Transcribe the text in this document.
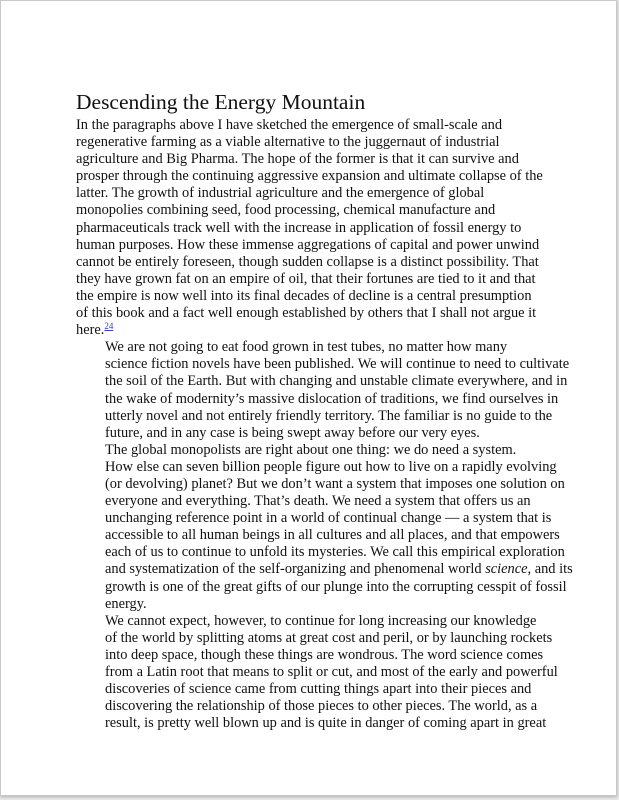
Descending the Energy Mountain

In the paragraphs above I have sketched the emergence of small-scale and
regenerative farming as a viable alternative to the juggernaut of industrial
agriculture and Big Pharma. The hope of the former is that it can survive and
prosper through the continuing aggressive expansion and ultimate collapse of the
latter. The growth of industrial agriculture and the emergence of global
monopolies combining seed, food processing, chemical manufacture and
pharmaceuticals track well with the increase in application of fossil energy to
human purposes. How these immense aggregations of capital and power unwind
cannot be entirely foreseen, though sudden collapse is a distinct possibility. That
they have grown fat on an empire of oil, that their fortunes are tied to it and that
the empire is now well into its final decades of decline is a central presumption
of this book and a fact well enough established by others that I shall not argue it
here.$^{24}$

We are not going to eat food grown in test tubes, no matter how many
science fiction novels have been published. We will continue to need to cultivate
the soil of the Earth. But with changing and unstable climate everywhere, and in
the wake of modernity’s massive dislocation of traditions, we find ourselves in
utterly novel and not entirely friendly territory. The familiar is no guide to the
future, and in any case is being swept away before our very eyes.

The global monopolists are right about one thing: we do need a system.
How else can seven billion people figure out how to live on a rapidly evolving
(or devolving) planet? But we don’t want a system that imposes one solution on
everyone and everything. That’s death. We need a system that offers us an
unchanging reference point in a world of continual change — a system that is
accessible to all human beings in all cultures and all places, and that empowers
each of us to continue to unfold its mysteries. We call this empirical exploration
and systematization of the self-organizing and phenomenal world science, and its
growth is one of the great gifts of our plunge into the corrupting cesspit of fossil
energy.

We cannot expect, however, to continue for long increasing our knowledge
of the world by splitting atoms at great cost and peril, or by launching rockets
into deep space, though these things are wondrous. The word science comes
from a Latin root that means to split or cut, and most of the early and powerful
discoveries of science came from cutting things apart into their pieces and
discovering the relationship of those pieces to other pieces. The world, as a
result, is pretty well blown up and is quite in danger of coming apart in great
